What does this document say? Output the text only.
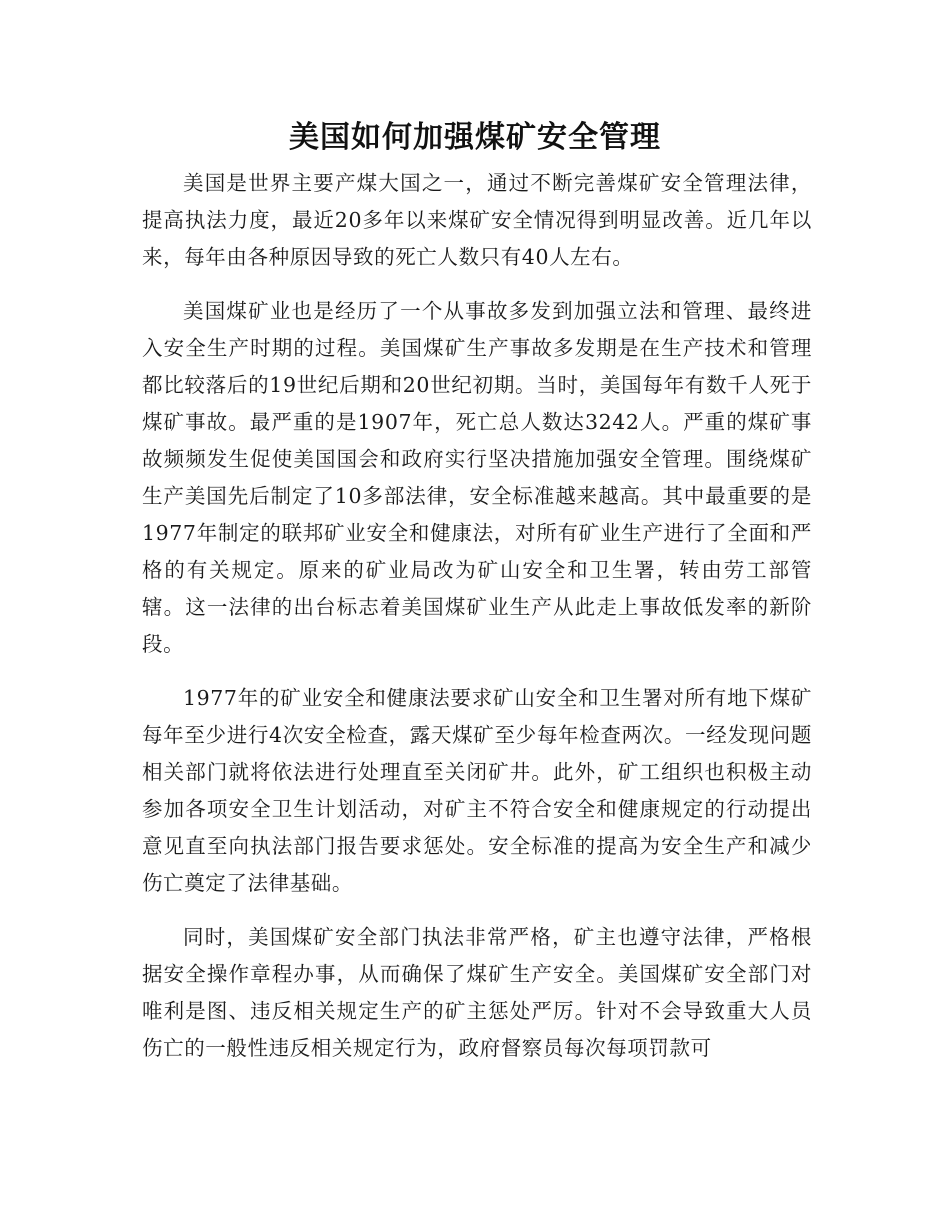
美国如何加强煤矿安全管理

美国是世界主要产煤大国之一，通过不断完善煤矿安全管理法律，提高执法力度，最近20多年以来煤矿安全情况得到明显改善。近几年以来，每年由各种原因导致的死亡人数只有40人左右。

美国煤矿业也是经历了一个从事故多发到加强立法和管理、最终进入安全生产时期的过程。美国煤矿生产事故多发期是在生产技术和管理都比较落后的19世纪后期和20世纪初期。当时，美国每年有数千人死于煤矿事故。最严重的是1907年，死亡总人数达3242人。严重的煤矿事故频频发生促使美国国会和政府实行坚决措施加强安全管理。围绕煤矿生产美国先后制定了10多部法律，安全标准越来越高。其中最重要的是1977年制定的联邦矿业安全和健康法，对所有矿业生产进行了全面和严格的有关规定。原来的矿业局改为矿山安全和卫生署，转由劳工部管辖。这一法律的出台标志着美国煤矿业生产从此走上事故低发率的新阶段。

1977年的矿业安全和健康法要求矿山安全和卫生署对所有地下煤矿每年至少进行4次安全检查，露天煤矿至少每年检查两次。一经发现问题相关部门就将依法进行处理直至关闭矿井。此外，矿工组织也积极主动参加各项安全卫生计划活动，对矿主不符合安全和健康规定的行动提出意见直至向执法部门报告要求惩处。安全标准的提高为安全生产和减少伤亡奠定了法律基础。

同时，美国煤矿安全部门执法非常严格，矿主也遵守法律，严格根据安全操作章程办事，从而确保了煤矿生产安全。美国煤矿安全部门对唯利是图、违反相关规定生产的矿主惩处严厉。针对不会导致重大人员伤亡的一般性违反相关规定行为，政府督察员每次每项罚款可
